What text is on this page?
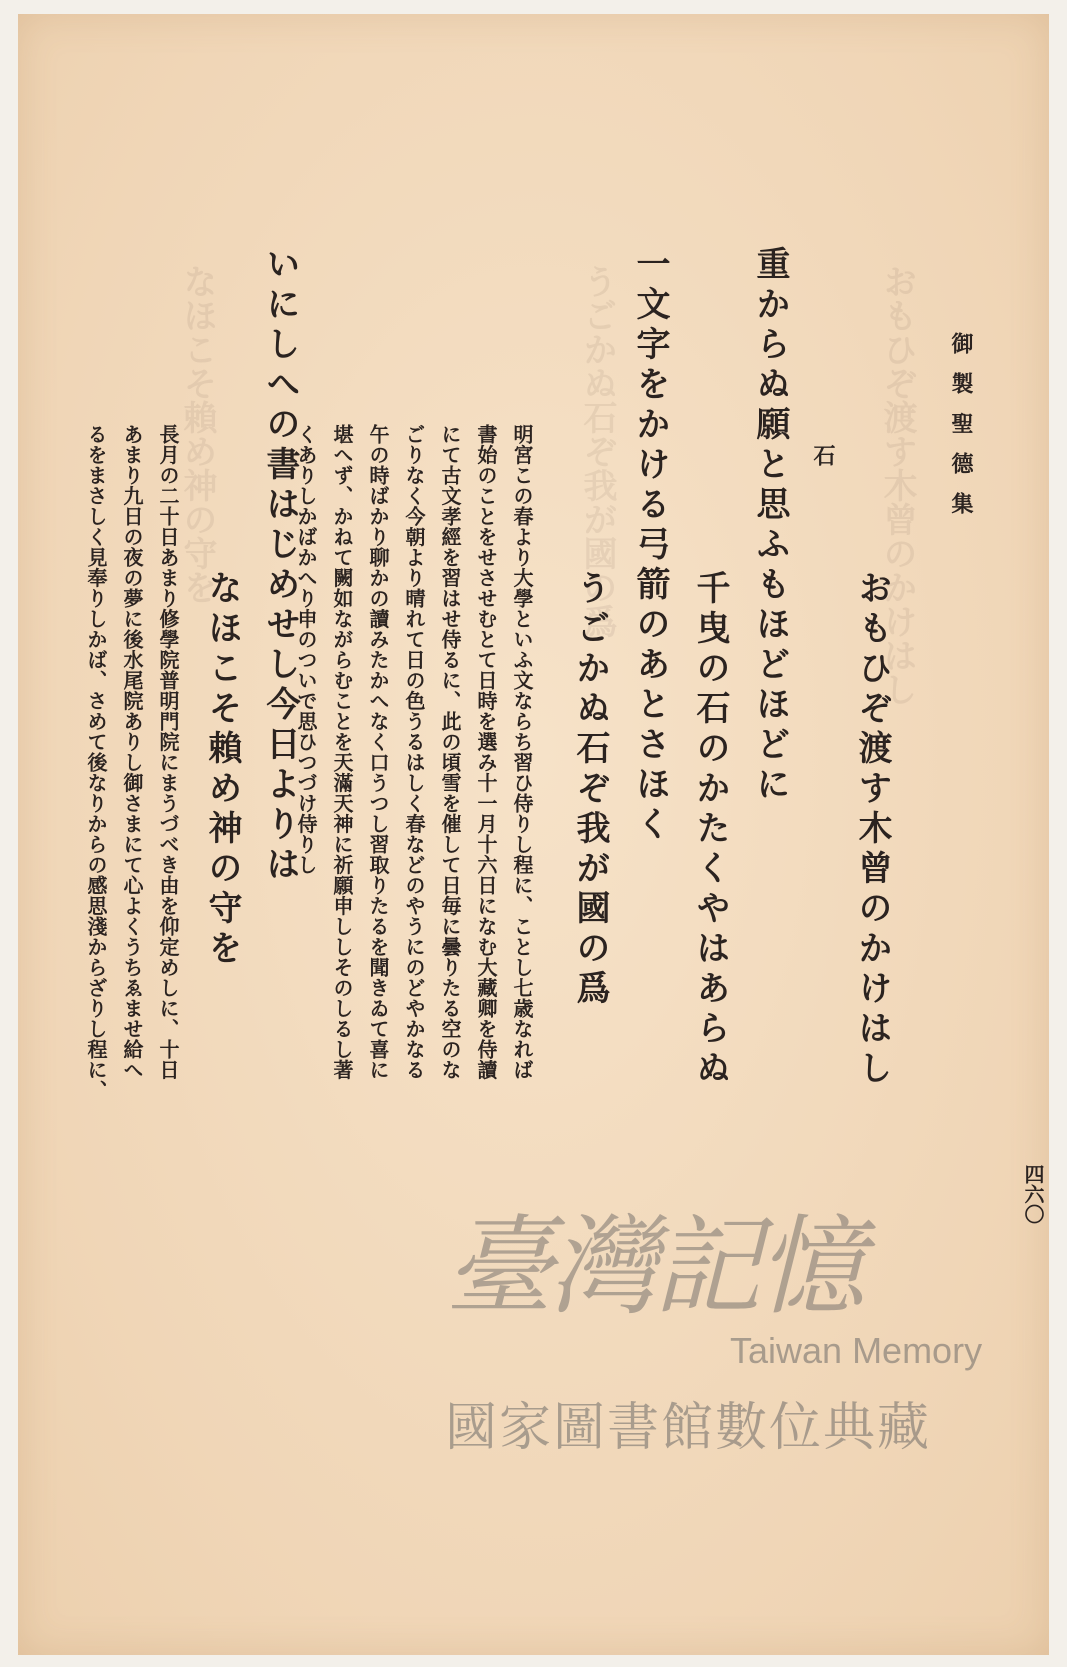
おもひぞ渡す木曾のかけはし
うごかぬ石ぞ我が國の爲
なほこそ賴め神の守を	御製聖德集
四六〇
おもひぞ渡す木曾のかけはし
石
重からぬ願と思ふもほどほどに
千曳の石のかたくやはあらぬ
一文字をかける弓箭のあとさほく
うごかぬ石ぞ我が國の爲
明宮この春より大學といふ文ならち習ひ侍りし程に、ことし七歳なれば
書始のことをせさせむとて日時を選み十一月十六日になむ大藏卿を侍讀
にて古文孝經を習はせ侍るに、此の頃雪を催して日毎に曇りたる空のな
ごりなく今朝より晴れて日の色うるはしく春などのやうにのどやかなる
午の時ばかり聊かの讀みたかへなく口うつし習取りたるを聞きゐて喜に
堪へず、かねて闕如ながらむことを天滿天神に祈願申ししそのしるし著
くありしかばかへり申のついで思ひつづけ侍りし
いにしへの書はじめせし今日よりは
なほこそ賴め神の守を
長月の二十日あまり修學院普明門院にまうづべき由を仰定めしに、十日
あまり九日の夜の夢に後水尾院ありし御さまにて心よくうちゑませ給へ
るをまさしく見奉りしかば、さめて後なりからの感思淺からざりし程に、
臺灣記憶
Taiwan Memory
國家圖書館數位典藏
